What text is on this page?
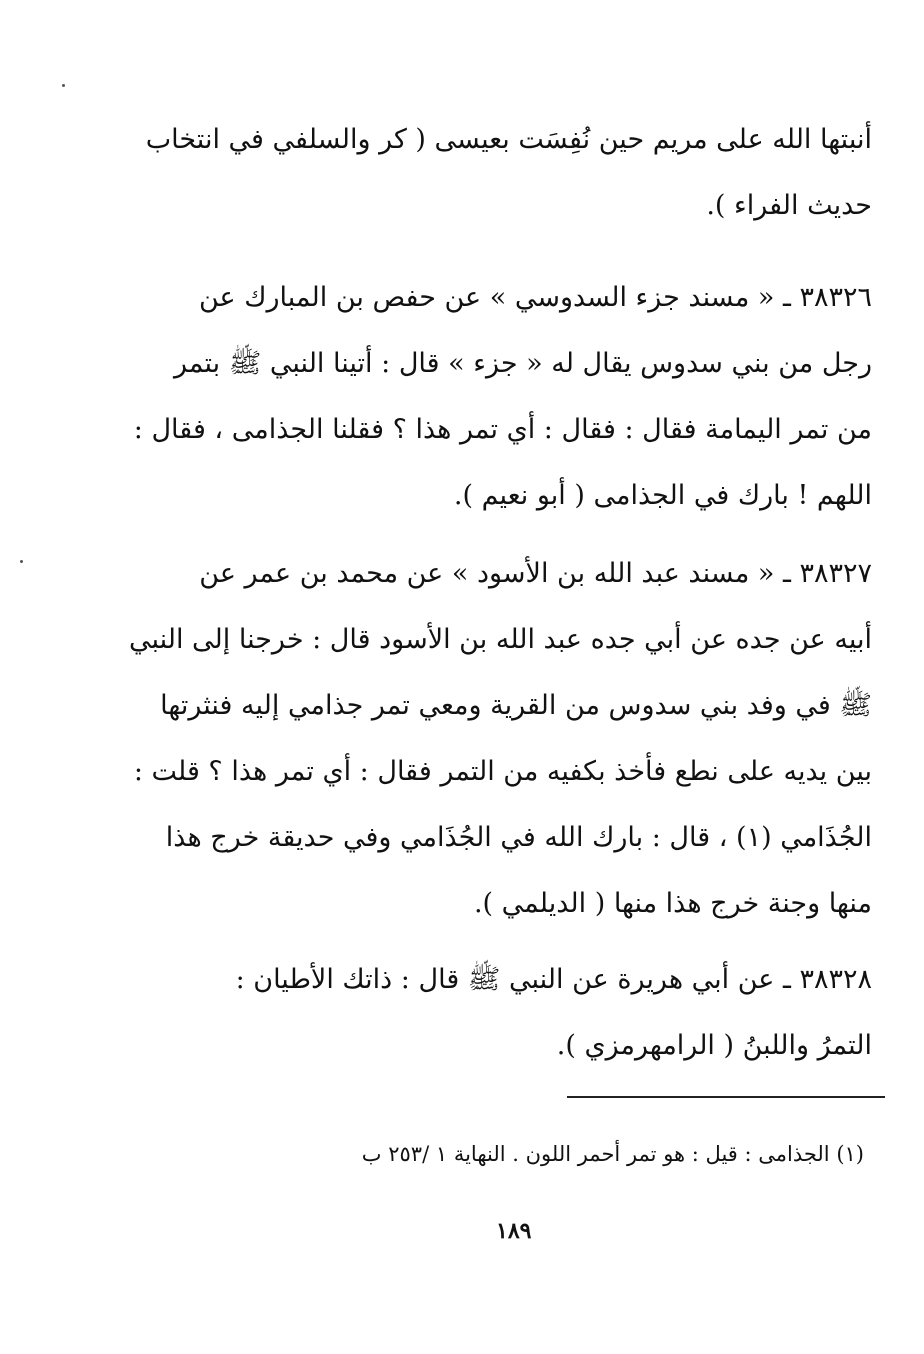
أنبتها الله على مريم حين نُفِسَت بعيسى ( كر والسلفي في انتخاب
حديث الفراء ).
٣٨٣٢٦ ـ « مسند جزء السدوسي » عن حفص بن المبارك عن
رجل من بني سدوس يقال له « جزء » قال : أتينا النبي ﷺ بتمر
من تمر اليمامة فقال : فقال : أي تمر هذا ؟ فقلنا الجذامى ، فقال :
اللهم ! بارك في الجذامى ( أبو نعيم ).
٣٨٣٢٧ ـ « مسند عبد الله بن الأسود » عن محمد بن عمر عن
أبيه عن جده عن أبي جده عبد الله بن الأسود قال : خرجنا إلى النبي
ﷺ في وفد بني سدوس من القرية ومعي تمر جذامي إليه فنثرتها
بين يديه على نطع فأخذ بكفيه من التمر فقال : أي تمر هذا ؟ قلت :
الجُذَامي (١) ، قال : بارك الله في الجُذَامي وفي حديقة خرج هذا
منها وجنة خرج هذا منها ( الديلمي ).
٣٨٣٢٨ ـ عن أبي هريرة عن النبي ﷺ قال : ذاتك الأطيان :
التمرُ واللبنُ ( الرامهرمزي ).
(١) الجذامى : قيل : هو تمر أحمر اللون . النهاية ١ /٢٥٣ ب
١٨٩
